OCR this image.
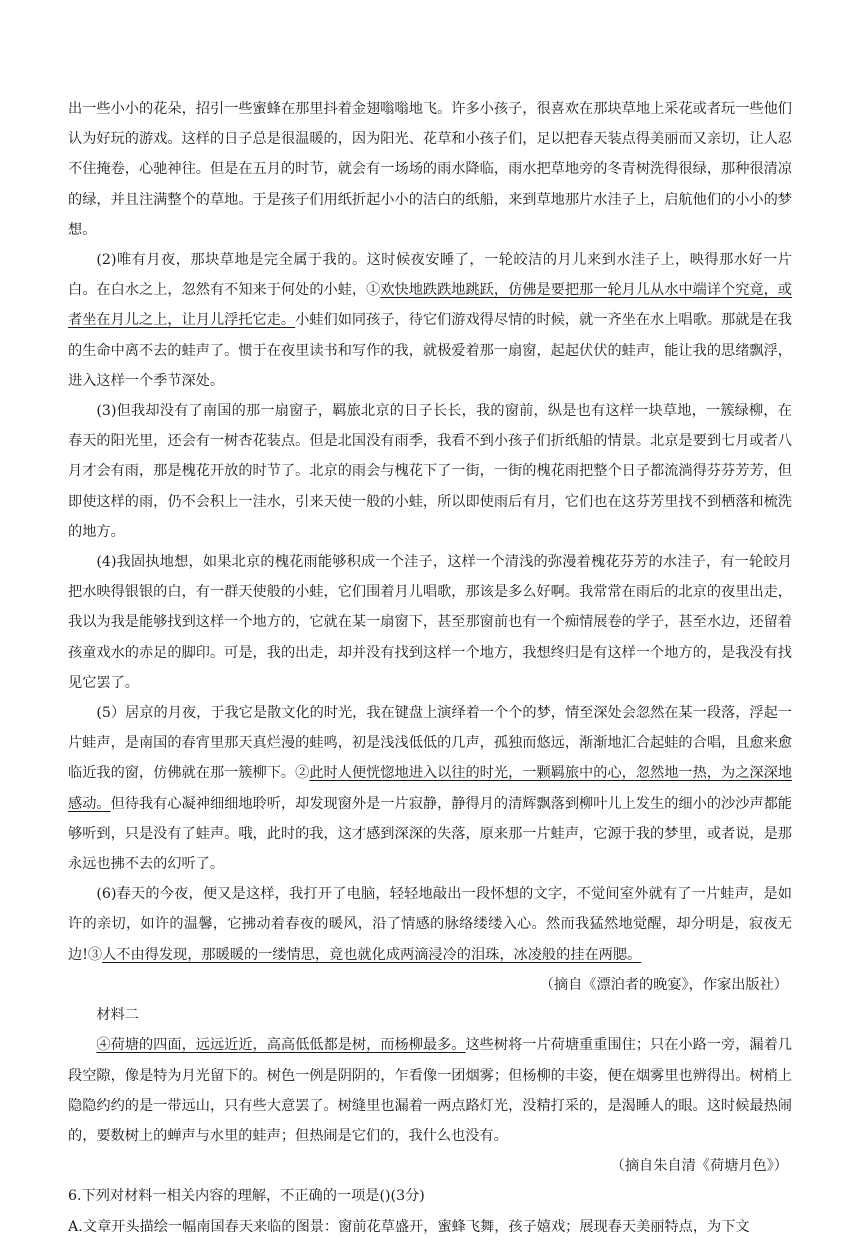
出一些小小的花朵，招引一些蜜蜂在那里抖着金翅嗡嗡地飞。许多小孩子，很喜欢在那块草地上采花或者玩一些他们认为好玩的游戏。这样的日子总是很温暖的，因为阳光、花草和小孩子们，足以把春天装点得美丽而又亲切，让人忍不住掩卷，心驰神往。但是在五月的时节，就会有一场场的雨水降临，雨水把草地旁的冬青树洗得很绿，那种很清凉的绿，并且注满整个的草地。于是孩子们用纸折起小小的洁白的纸船，来到草地那片水洼子上，启航他们的小小的梦想。

(2)唯有月夜，那块草地是完全属于我的。这时候夜安睡了，一轮皎洁的月儿来到水洼子上，映得那水好一片白。在白水之上，忽然有不知来于何处的小蛙，①欢快地跌跌地跳跃，仿佛是要把那一轮月儿从水中端详个究竟，或者坐在月儿之上，让月儿浮托它走。小蛙们如同孩子，待它们游戏得尽情的时候，就一齐坐在水上唱歌。那就是在我的生命中离不去的蛙声了。惯于在夜里读书和写作的我，就极爱着那一扇窗，起起伏伏的蛙声，能让我的思绪飘浮，进入这样一个季节深处。

(3)但我却没有了南国的那一扇窗子，羁旅北京的日子长长，我的窗前，纵是也有这样一块草地，一簇绿柳，在春天的阳光里，还会有一树杏花装点。但是北国没有雨季，我看不到小孩子们折纸船的情景。北京是要到七月或者八月才会有雨，那是槐花开放的时节了。北京的雨会与槐花下了一街，一街的槐花雨把整个日子都流淌得芬芬芳芳，但即使这样的雨，仍不会积上一洼水，引来天使一般的小蛙，所以即使雨后有月，它们也在这芬芳里找不到栖落和梳洗的地方。

(4)我固执地想，如果北京的槐花雨能够积成一个洼子，这样一个清浅的弥漫着槐花芬芳的水洼子，有一轮皎月把水映得银银的白，有一群天使般的小蛙，它们围着月儿唱歌，那该是多么好啊。我常常在雨后的北京的夜里出走，我以为我是能够找到这样一个地方的，它就在某一扇窗下，甚至那窗前也有一个痴情展卷的学子，甚至水边，还留着孩童戏水的赤足的脚印。可是，我的出走，却并没有找到这样一个地方，我想终归是有这样一个地方的，是我没有找见它罢了。

(5）居京的月夜，于我它是散文化的时光，我在键盘上演绎着一个个的梦，情至深处会忽然在某一段落，浮起一片蛙声，是南国的春宵里那天真烂漫的蛙鸣，初是浅浅低低的几声，孤独而悠远，渐渐地汇合起蛙的合唱，且愈来愈临近我的窗，仿佛就在那一簇柳下。②此时人便恍惚地进入以往的时光，一颗羁旅中的心，忽然地一热，为之深深地感动。但待我有心凝神细细地聆听，却发现窗外是一片寂静，静得月的清辉飘落到柳叶儿上发生的细小的沙沙声都能够听到，只是没有了蛙声。哦，此时的我，这才感到深深的失落，原来那一片蛙声，它源于我的梦里，或者说，是那永远也拂不去的幻听了。

(6)春天的今夜，便又是这样，我打开了电脑，轻轻地敲出一段怀想的文字，不觉间室外就有了一片蛙声，是如许的亲切，如许的温馨，它拂动着春夜的暖风，沿了情感的脉络缕缕入心。然而我猛然地觉醒，却分明是，寂夜无边!③人不由得发现，那暖暖的一缕情思，竟也就化成两滴浸冷的泪珠，冰凌般的挂在两腮。

（摘自《漂泊者的晚宴》，作家出版社）

材料二

④荷塘的四面，远远近近，高高低低都是树，而杨柳最多。这些树将一片荷塘重重围住；只在小路一旁，漏着几段空隙，像是特为月光留下的。树色一例是阴阴的，乍看像一团烟雾；但杨柳的丰姿，便在烟雾里也辨得出。树梢上隐隐约约的是一带远山，只有些大意罢了。树缝里也漏着一两点路灯光，没精打采的，是渴睡人的眼。这时候最热闹的，要数树上的蝉声与水里的蛙声；但热闹是它们的，我什么也没有。

（摘自朱自清《荷塘月色》）

6.下列对材料一相关内容的理解，不正确的一项是()(3分)

A.文章开头描绘一幅南国春天来临的图景：窗前花草盛开，蜜蜂飞舞，孩子嬉戏；展现春天美丽特点，为下文
